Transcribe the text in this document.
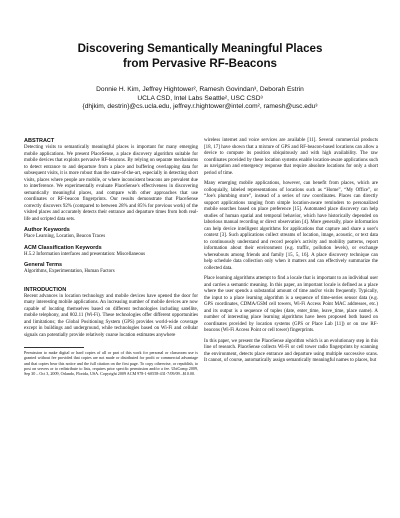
Discovering Semantically Meaningful Places
from Pervasive RF-Beacons
Donnie H. Kim, Jeffrey Hightower², Ramesh Govindan³, Deborah Estrin
UCLA CSD, Intel Labs Seattle², USC CSD³
{dhjkim, destrin}@cs.ucla.edu, jeffrey.r.hightower@intel.com², ramesh@usc.edu³

ABSTRACT

Detecting visits to semantically meaningful places is important for many emerging mobile applications. We present PlaceSense, a place discovery algorithm suitable for mobile devices that exploits pervasive RF-beacons. By relying on separate mechanisms to detect entrance to and departure from a place and buffering overlapping data for subsequent visits, it is more robust than the state-of-the-art, especially in detecting short visits, places where people are mobile, or where inconsistent beacons are prevalent due to interference. We experimentally evaluate PlaceSense's effectiveness in discovering semantically meaningful places, and compare with other approaches that use coordinates or RF-beacon fingerprints. Our results demonstrate that PlaceSense correctly discovers 92% (compared to between 28% and 85% for previous work) of the visited places and accurately detects their entrance and departure times from both real-life and scripted data sets.

Author Keywords

Place Learning, Location, Beacon Traces

ACM Classification Keywords

H.5.2 Information interfaces and presentation: Miscellaneous

General Terms

Algorithms, Experimentation, Human Factors

INTRODUCTION

Recent advances in location technology and mobile devices have opened the door for many interesting mobile applications. An increasing number of mobile devices are now capable of locating themselves based on different technologies including satellite, mobile telephony, and 802.11 (Wi-Fi). These technologies offer different opportunities and limitations; the Global Positioning System (GPS) provides world-wide coverage except in buildings and underground, while technologies based on Wi-Fi and cellular signals can potentially provide relatively coarse location estimates anywhere

Permission to make digital or hard copies of all or part of this work for personal or classroom use is granted without fee provided that copies are not made or distributed for profit or commercial advantage and that copies bear this notice and the full citation on the first page. To copy otherwise, or republish, to post on servers or to redistribute to lists, requires prior specific permission and/or a fee. UbiComp 2009, Sep 30 – Oct 3, 2009, Orlando, Florida, USA. Copyright 2009 ACM 978-1-60558-431-7/09/09...$10.00.

wireless internet and voice services are available [11]. Several commercial products [18, 17] have shown that a mixture of GPS and RF-beacon-based locations can allow a device to compute its position ubiquitously and with high availability. The raw coordinates provided by these location systems enable location-aware applications such as navigation and emergency response that require absolute locations for only a short period of time.

Many emerging mobile applications, however, can benefit from places, which are colloquially, labeled representations of locations such as “Home”, “My Office”, or “Joe's plumbing store”, instead of a series of raw coordinates. Places can directly support applications ranging from simple location-aware reminders to personalized mobile searches based on place preference [15]. Automated place discovery can help studies of human spatial and temporal behavior, which have historically depended on laborious manual recording or direct observation [4]. More generally, place information can help device intelligent algorithms for applications that capture and share a user's context [3]. Such applications collect streams of location, image, acoustic, or text data to continuously understand and record people's activity and mobility patterns, report information about their environment (e.g. traffic, pollution levels), or exchange whereabouts among friends and family [15, 5, 16]. A place discovery technique can help schedule data collection only when it matters and can effectively summarize the collected data.

Place learning algorithms attempt to find a locale that is important to an individual user and carries a semantic meaning. In this paper, an important locale is defined as a place where the user spends a substantial amount of time and/or visits frequently. Typically, the input to a place learning algorithm is a sequence of time-series sensor data (e.g. GPS coordinates, CDMA/GSM cell towers, Wi-Fi Access Point MAC addresses, etc.) and its output is a sequence of tuples (date, enter_time, leave_time, place name). A number of interesting place learning algorithms have been proposed both based on coordinates provided by location systems (GPS or Place Lab [11]) or on raw RF-beacons (Wi-Fi Access Point or cell tower) fingerprints.

In this paper, we present the PlaceSense algorithm which is an evolutionary step in this line of research. PlaceSense collects Wi-Fi or cell tower radio fingerprints by scanning the environment, detects place entrance and departure using multiple successive scans. It cannot, of course, automatically assign semantically meaningful names to places, but
